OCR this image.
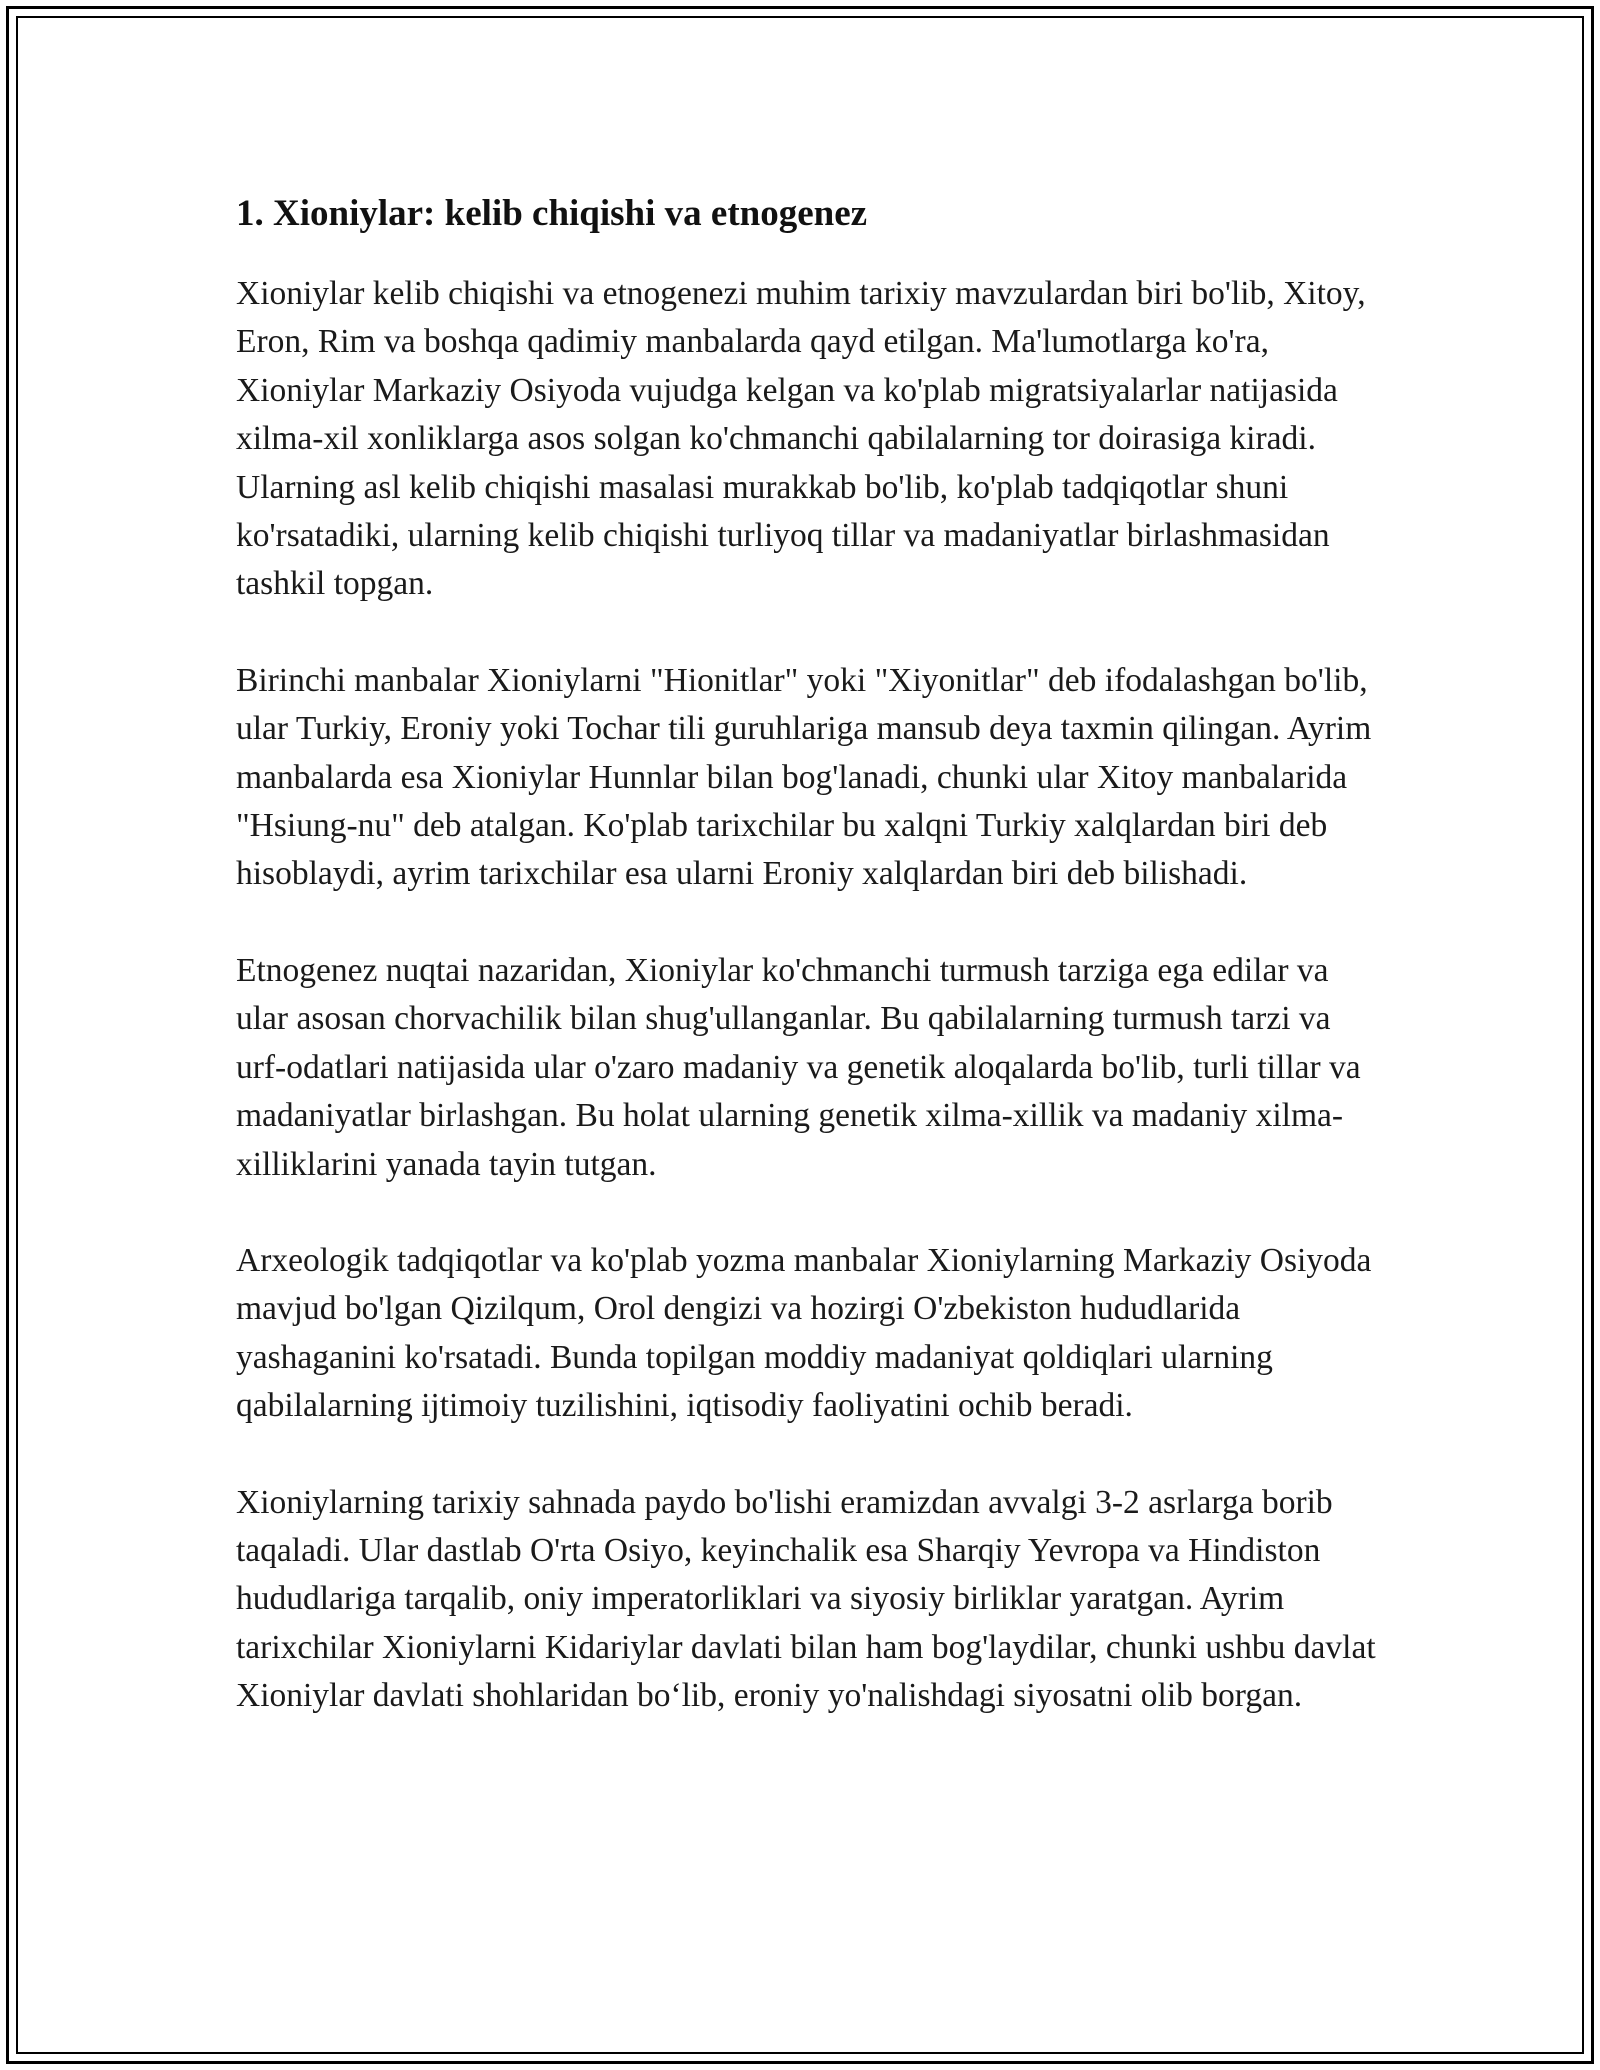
1. Xioniylar: kelib chiqishi va etnogenez

Xioniylar kelib chiqishi va etnogenezi muhim tarixiy mavzulardan biri bo'lib, Xitoy, Eron, Rim va boshqa qadimiy manbalarda qayd etilgan. Ma'lumotlarga ko'ra, Xioniylar Markaziy Osiyoda vujudga kelgan va ko'plab migratsiyalarlar natijasida xilma-xil xonliklarga asos solgan ko'chmanchi qabilalarning tor doirasiga kiradi. Ularning asl kelib chiqishi masalasi murakkab bo'lib, ko'plab tadqiqotlar shuni ko'rsatadiki, ularning kelib chiqishi turliyoq tillar va madaniyatlar birlashmasidan tashkil topgan.

Birinchi manbalar Xioniylarni "Hionitlar" yoki "Xiyonitlar" deb ifodalashgan bo'lib, ular Turkiy, Eroniy yoki Tochar tili guruhlariga mansub deya taxmin qilingan. Ayrim manbalarda esa Xioniylar Hunnlar bilan bog'lanadi, chunki ular Xitoy manbalarida "Hsiung-nu" deb atalgan. Ko'plab tarixchilar bu xalqni Turkiy xalqlardan biri deb hisoblaydi, ayrim tarixchilar esa ularni Eroniy xalqlardan biri deb bilishadi.

Etnogenez nuqtai nazaridan, Xioniylar ko'chmanchi turmush tarziga ega edilar va ular asosan chorvachilik bilan shug'ullanganlar. Bu qabilalarning turmush tarzi va urf-odatlari natijasida ular o'zaro madaniy va genetik aloqalarda bo'lib, turli tillar va madaniyatlar birlashgan. Bu holat ularning genetik xilma-xillik va madaniy xilma-xilliklarini yanada tayin tutgan.

Arxeologik tadqiqotlar va ko'plab yozma manbalar Xioniylarning Markaziy Osiyoda mavjud bo'lgan Qizilqum, Orol dengizi va hozirgi O'zbekiston hududlarida yashaganini ko'rsatadi. Bunda topilgan moddiy madaniyat qoldiqlari ularning qabilalarning ijtimoiy tuzilishini, iqtisodiy faoliyatini ochib beradi.

Xioniylarning tarixiy sahnada paydo bo'lishi eramizdan avvalgi 3-2 asrlarga borib taqaladi. Ular dastlab O'rta Osiyo, keyinchalik esa Sharqiy Yevropa va Hindiston hududlariga tarqalib, oniy imperatorliklari va siyosiy birliklar yaratgan. Ayrim tarixchilar Xioniylarni Kidariylar davlati bilan ham bog'laydilar, chunki ushbu davlat Xioniylar davlati shohlaridan bo‘lib, eroniy yo'nalishdagi siyosatni olib borgan.
